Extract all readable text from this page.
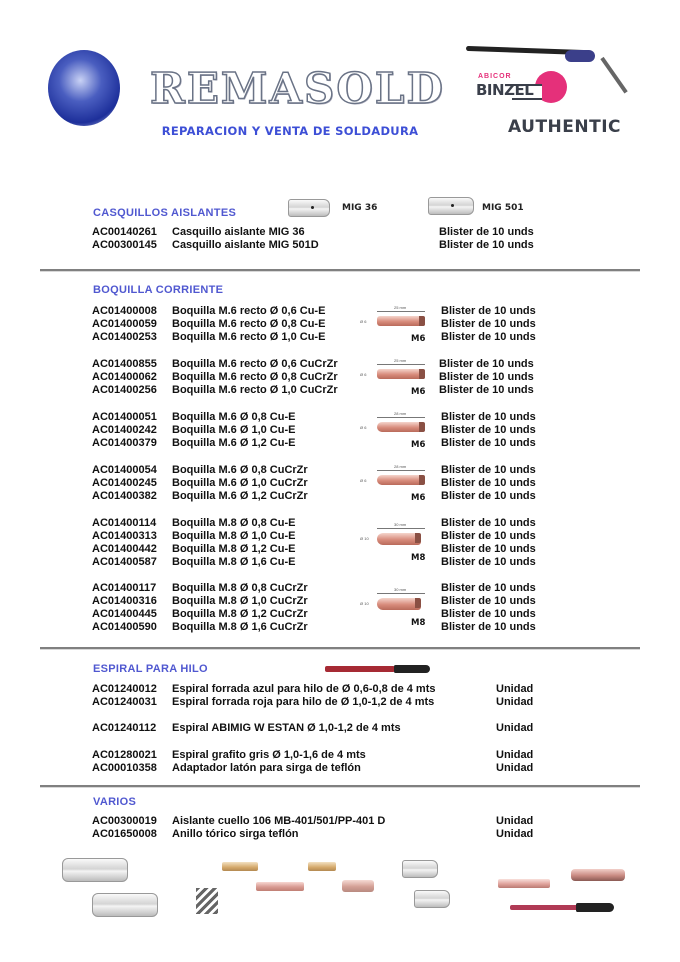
REMASOLD
REPARACION Y VENTA DE SOLDADURA
ABICOR
BINZEL
AUTHENTIC
CASQUILLOS AISLANTES	MIG 36	MIG 501
AC00140261 Casquillo aislante MIG 36	Blister de 10 unds
AC00300145 Casquillo aislante MIG 501D	Blister de 10 unds
BOQUILLA CORRIENTE
AC01400008 Boquilla M.6 recto Ø 0,6 Cu-E	Blister de 10 unds
AC01400059 Boquilla M.6 recto Ø 0,8 Cu-E	Blister de 10 unds
AC01400253 Boquilla M.6 recto Ø 1,0 Cu-E	Blister de 10 unds
25 mm
Ø 6
M6
AC01400855 Boquilla M.6 recto Ø 0,6 CuCrZr	Blister de 10 unds
AC01400062 Boquilla M.6 recto Ø 0,8 CuCrZr	Blister de 10 unds
AC01400256 Boquilla M.6 recto Ø 1,0 CuCrZr	Blister de 10 unds
25 mm
Ø 6
M6
AC01400051 Boquilla M.6 Ø 0,8 Cu-E	Blister de 10 unds
AC01400242 Boquilla M.6 Ø 1,0 Cu-E	Blister de 10 unds
AC01400379 Boquilla M.6 Ø 1,2 Cu-E	Blister de 10 unds
28 mm
Ø 6
M6
AC01400054 Boquilla M.6 Ø 0,8 CuCrZr	Blister de 10 unds
AC01400245 Boquilla M.6 Ø 1,0 CuCrZr	Blister de 10 unds
AC01400382 Boquilla M.6 Ø 1,2 CuCrZr	Blister de 10 unds
28 mm
Ø 6
M6
AC01400114 Boquilla M.8 Ø 0,8 Cu-E	Blister de 10 unds
AC01400313 Boquilla M.8 Ø 1,0 Cu-E	Blister de 10 unds
AC01400442 Boquilla M.8 Ø 1,2 Cu-E	Blister de 10 unds
AC01400587 Boquilla M.8 Ø 1,6 Cu-E	Blister de 10 unds
30 mm
Ø 10
M8
AC01400117 Boquilla M.8 Ø 0,8 CuCrZr	Blister de 10 unds
AC01400316 Boquilla M.8 Ø 1,0 CuCrZr	Blister de 10 unds
AC01400445 Boquilla M.8 Ø 1,2 CuCrZr	Blister de 10 unds
AC01400590 Boquilla M.8 Ø 1,6 CuCrZr	Blister de 10 unds
30 mm
Ø 10
M8
ESPIRAL PARA HILO
AC01240012 Espiral forrada azul para hilo de Ø 0,6-0,8 de 4 mts	Unidad
AC01240031 Espiral forrada roja para hilo de Ø 1,0-1,2 de 4 mts	Unidad
AC01240112 Espiral ABIMIG W ESTAN Ø 1,0-1,2 de 4 mts	Unidad
AC01280021 Espiral grafito gris Ø 1,0-1,6 de 4 mts	Unidad
AC00010358 Adaptador latón para sirga de teflón	Unidad
VARIOS
AC00300019 Aislante cuello 106 MB-401/501/PP-401 D	Unidad
AC01650008 Anillo tórico sirga teflón	Unidad
